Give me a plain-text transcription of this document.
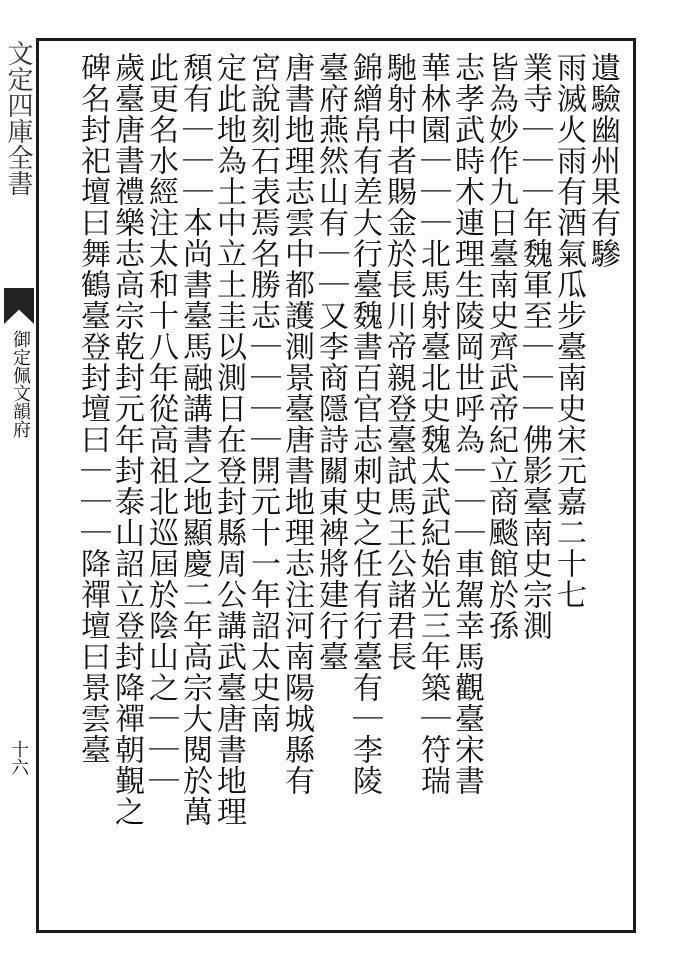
文定四庫全書
御定佩文韻府
十六
遺驗幽州果有驂
雨滅火雨有酒氣瓜步臺南史宋元嘉二十七
業寺｜｜｜年魏軍至｜｜｜佛影臺南史宗測
皆為妙作九日臺南史齊武帝紀立商颷館於孫
志孝武時木連理生陵岡世呼為｜｜｜車駕幸馬觀臺宋書
華林園｜｜｜北馬射臺北史魏太武紀始光三年築｜符瑞
馳射中者賜金於長川帝親登臺試馬王公諸君長
錦繒帛有差大行臺魏書百官志刺史之任有行臺有｜李陵
臺府燕然山有｜｜又李商隱詩關東裨將建行臺
唐書地理志雲中都護測景臺唐書地理志注河南陽城縣有
宮說刻石表焉名勝志｜｜｜｜開元十一年詔太史南
定此地為土中立土圭以測日在登封縣周公講武臺唐書地理
頹有｜｜｜本尚書臺馬融講書之地顯慶二年高宗大閱於萬
此更名水經注太和十八年從高祖北巡屆於陰山之｜｜｜
歲臺唐書禮樂志高宗乾封元年封泰山詔立登封降禪朝覲之
碑名封祀壇曰舞鶴臺登封壇曰｜｜｜降禪壇曰景雲臺
